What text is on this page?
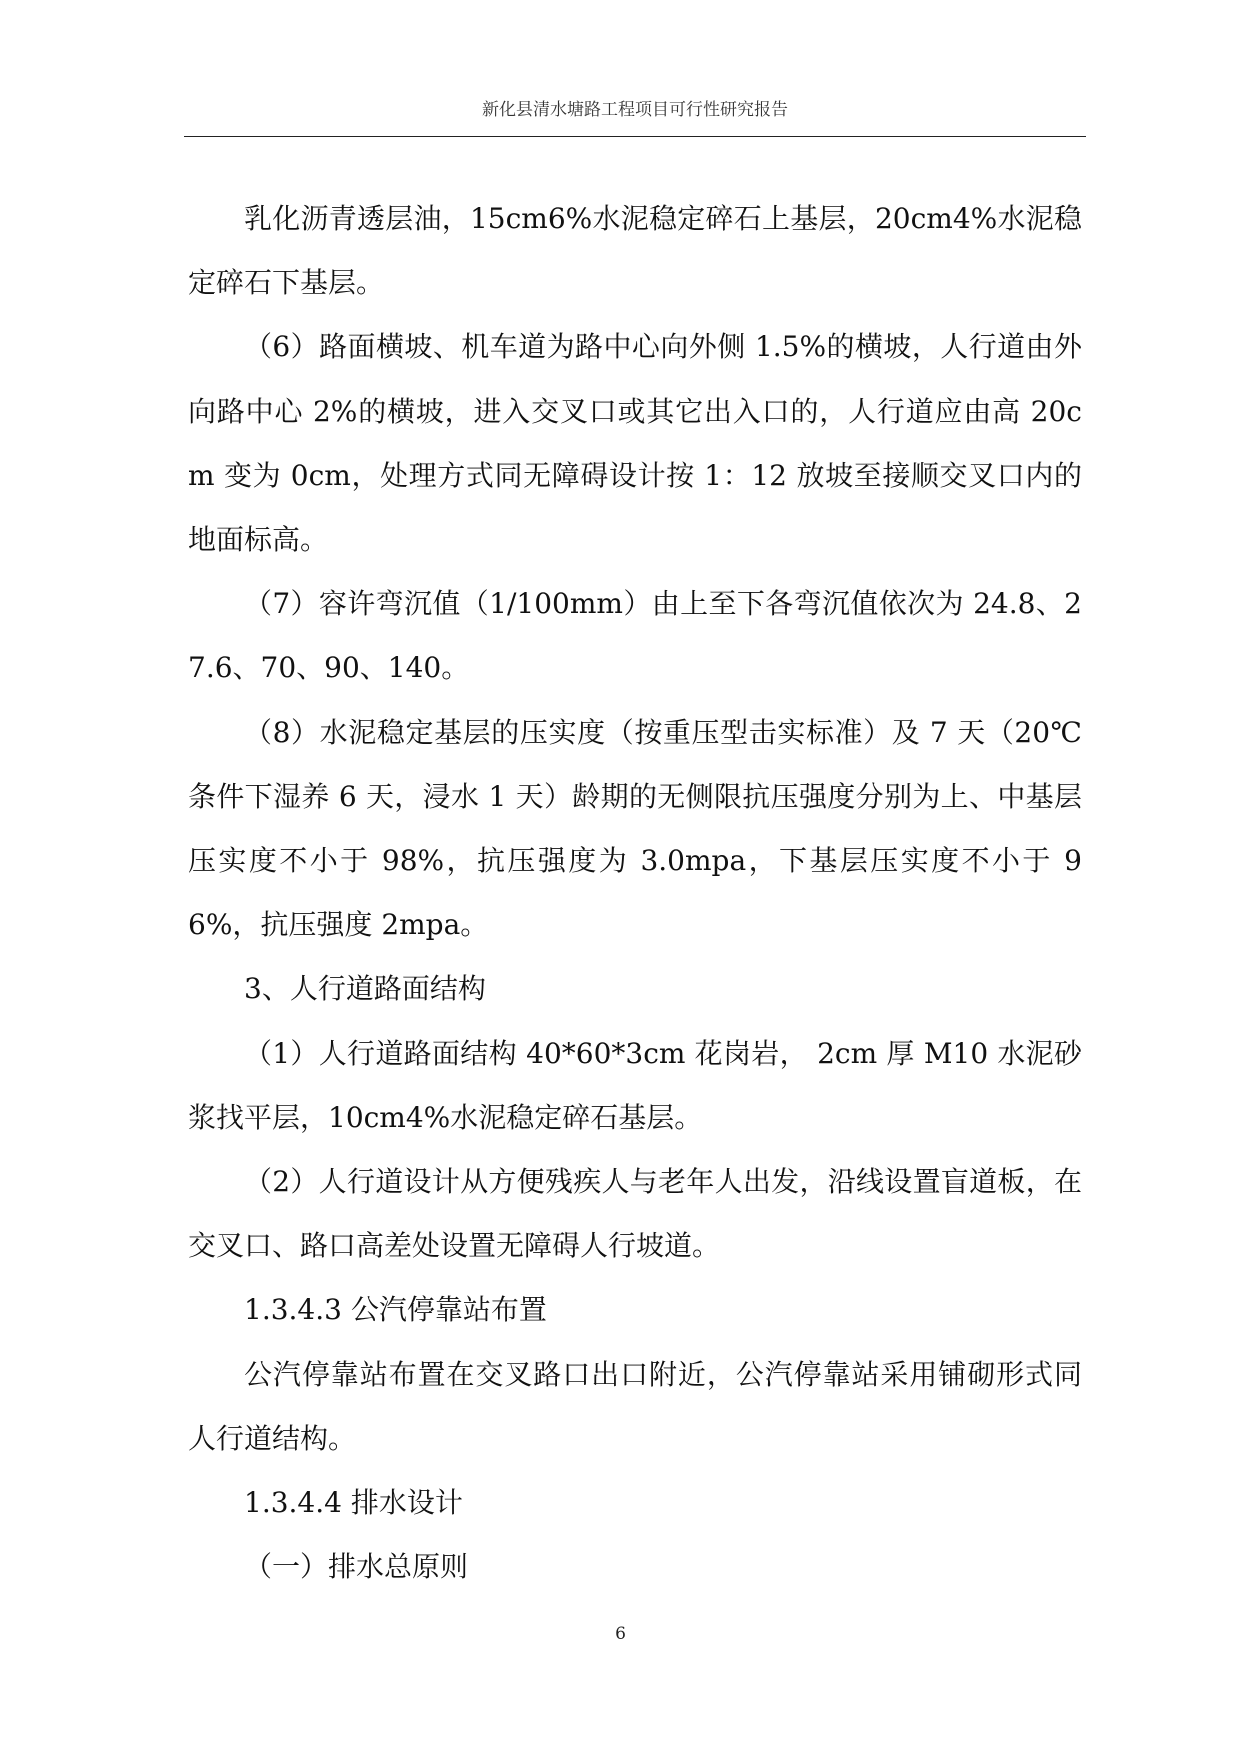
新化县清水塘路工程项目可行性研究报告

乳化沥青透层油，15cm6%水泥稳定碎石上基层，20cm4%水泥稳定碎石下基层。

（6）路面横坡、机车道为路中心向外侧 1.5%的横坡，人行道由外向路中心 2%的横坡，进入交叉口或其它出入口的，人行道应由高 20cm 变为 0cm，处理方式同无障碍设计按 1：12 放坡至接顺交叉口内的地面标高。

（7）容许弯沉值（1/100mm）由上至下各弯沉值依次为 24.8、27.6、70、90、140。

（8）水泥稳定基层的压实度（按重压型击实标准）及 7 天（20℃条件下湿养 6 天，浸水 1 天）龄期的无侧限抗压强度分别为上、中基层压实度不小于 98%，抗压强度为 3.0mpa，下基层压实度不小于 96%，抗压强度 2mpa。

3、人行道路面结构

（1）人行道路面结构 40*60*3cm 花岗岩， 2cm 厚 M10 水泥砂浆找平层，10cm4%水泥稳定碎石基层。

（2）人行道设计从方便残疾人与老年人出发，沿线设置盲道板，在交叉口、路口高差处设置无障碍人行坡道。

1.3.4.3 公汽停靠站布置

公汽停靠站布置在交叉路口出口附近，公汽停靠站采用铺砌形式同人行道结构。

1.3.4.4 排水设计

（一）排水总原则

6
